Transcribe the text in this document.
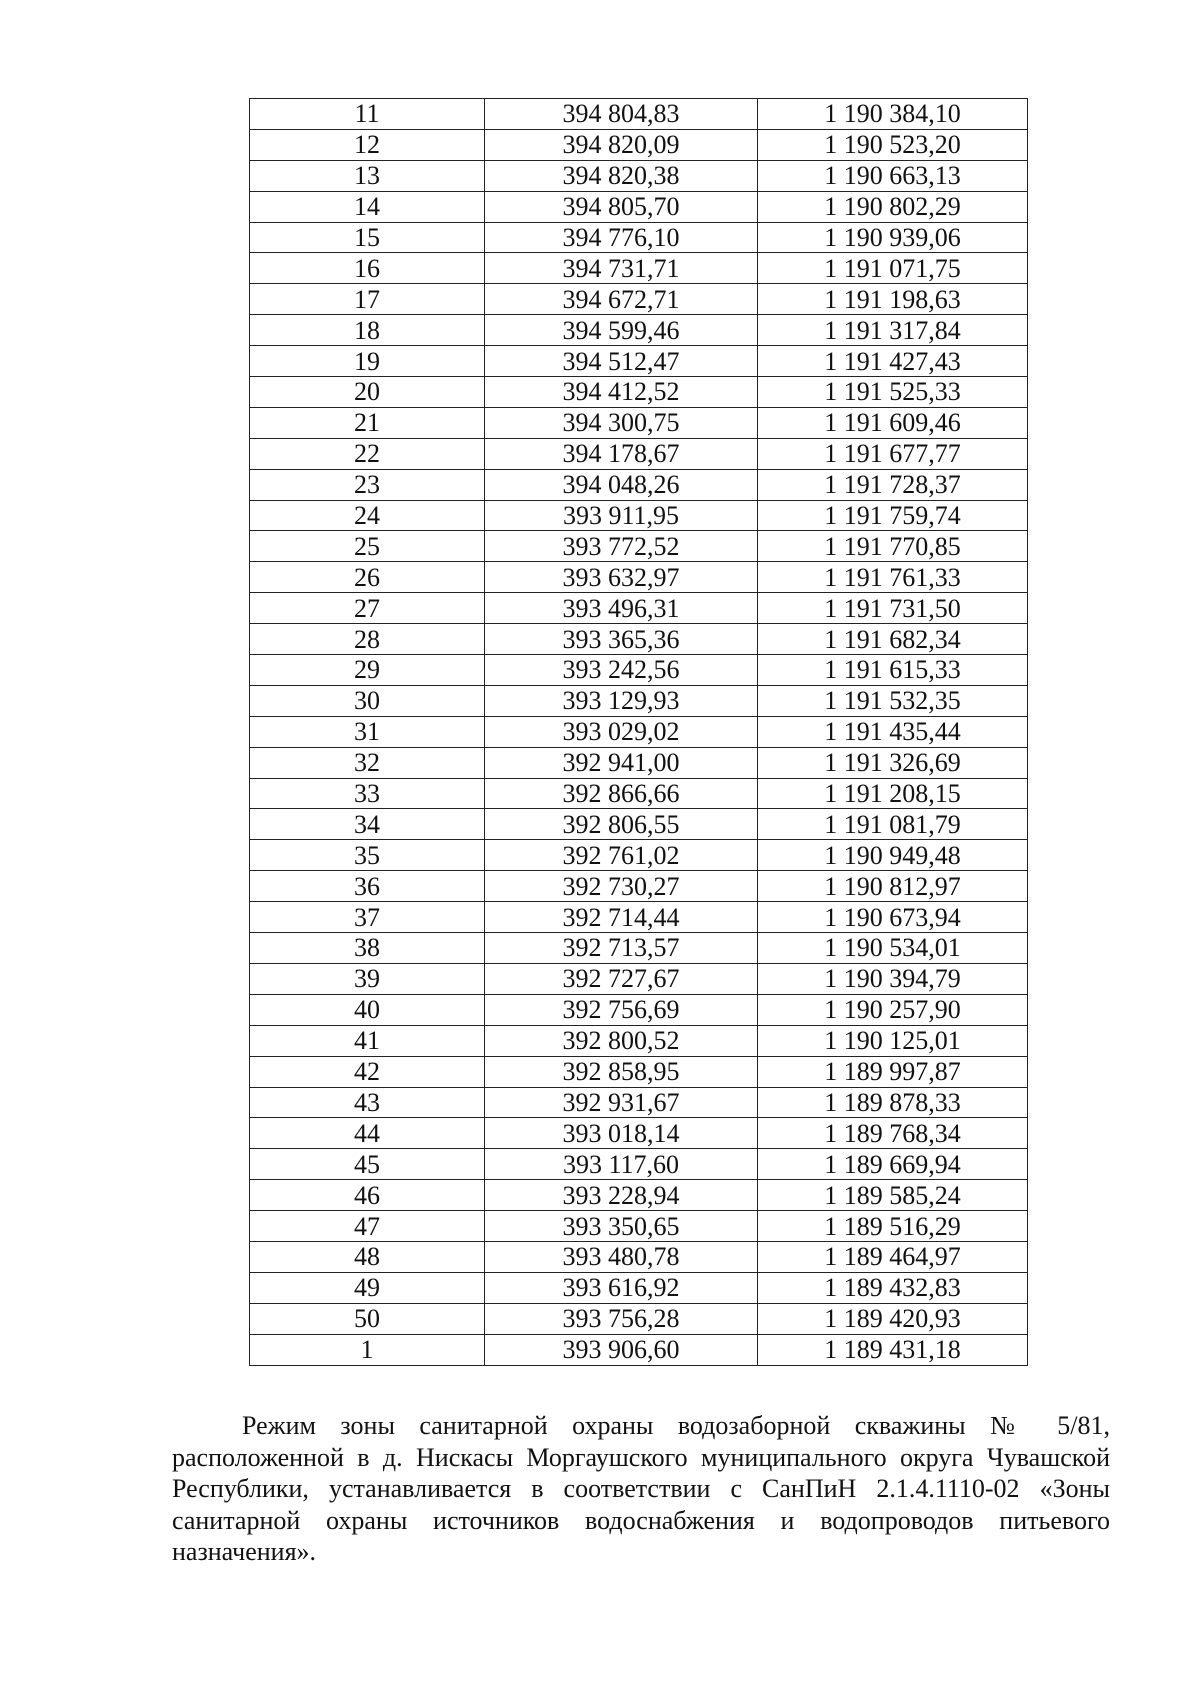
11	394 804,83	1 190 384,10
12	394 820,09	1 190 523,20
13	394 820,38	1 190 663,13
14	394 805,70	1 190 802,29
15	394 776,10	1 190 939,06
16	394 731,71	1 191 071,75
17	394 672,71	1 191 198,63
18	394 599,46	1 191 317,84
19	394 512,47	1 191 427,43
20	394 412,52	1 191 525,33
21	394 300,75	1 191 609,46
22	394 178,67	1 191 677,77
23	394 048,26	1 191 728,37
24	393 911,95	1 191 759,74
25	393 772,52	1 191 770,85
26	393 632,97	1 191 761,33
27	393 496,31	1 191 731,50
28	393 365,36	1 191 682,34
29	393 242,56	1 191 615,33
30	393 129,93	1 191 532,35
31	393 029,02	1 191 435,44
32	392 941,00	1 191 326,69
33	392 866,66	1 191 208,15
34	392 806,55	1 191 081,79
35	392 761,02	1 190 949,48
36	392 730,27	1 190 812,97
37	392 714,44	1 190 673,94
38	392 713,57	1 190 534,01
39	392 727,67	1 190 394,79
40	392 756,69	1 190 257,90
41	392 800,52	1 190 125,01
42	392 858,95	1 189 997,87
43	392 931,67	1 189 878,33
44	393 018,14	1 189 768,34
45	393 117,60	1 189 669,94
46	393 228,94	1 189 585,24
47	393 350,65	1 189 516,29
48	393 480,78	1 189 464,97
49	393 616,92	1 189 432,83
50	393 756,28	1 189 420,93
1	393 906,60	1 189 431,18

Режим зоны санитарной охраны водозаборной скважины № 5/81, расположенной в д. Нискасы Моргаушского муниципального округа Чувашской Республики, устанавливается в соответствии с СанПиН 2.1.4.1110-02 «Зоны санитарной охраны источников водоснабжения и водопроводов питьевого назначения».
